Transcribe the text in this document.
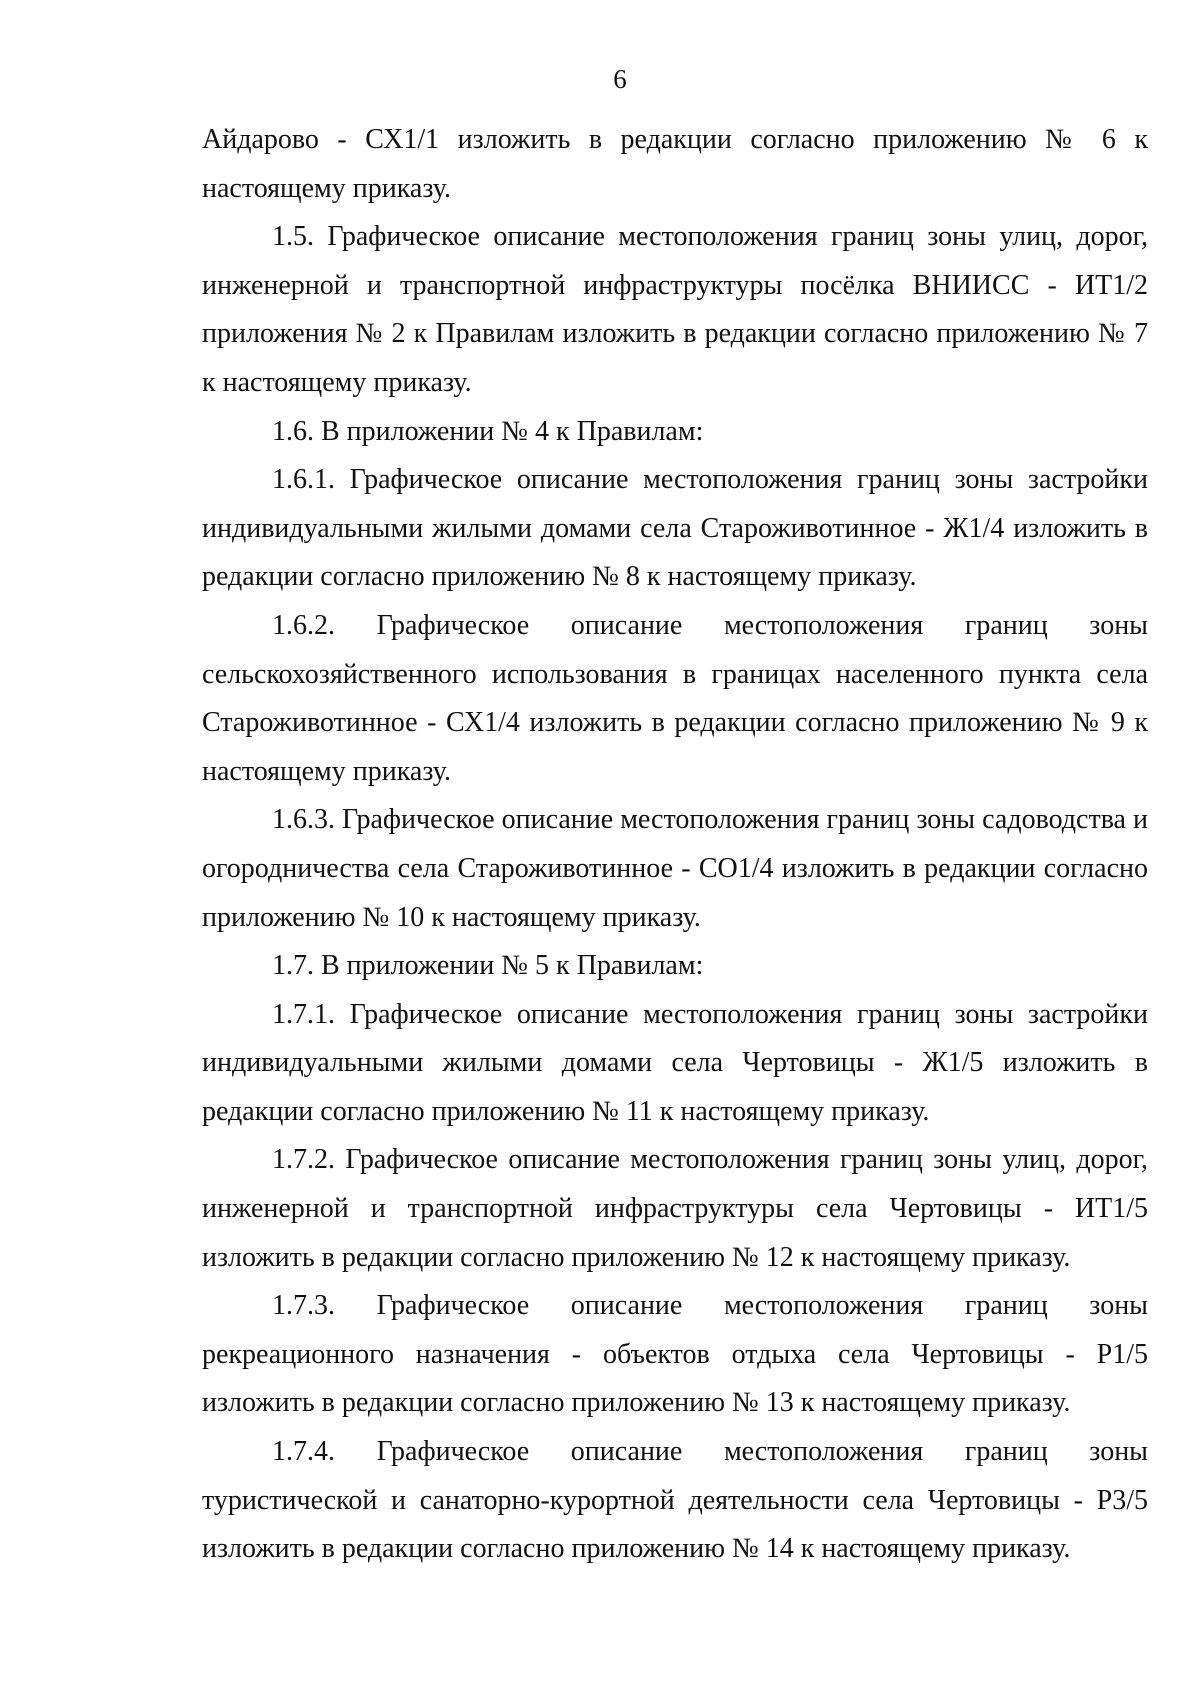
6

Айдарово - СХ1/1 изложить в редакции согласно приложению № 6 к настоящему приказу.

1.5. Графическое описание местоположения границ зоны улиц, дорог, инженерной и транспортной инфраструктуры посёлка ВНИИСС - ИТ1/2 приложения № 2 к Правилам изложить в редакции согласно приложению № 7 к настоящему приказу.

1.6. В приложении № 4 к Правилам:

1.6.1. Графическое описание местоположения границ зоны застройки индивидуальными жилыми домами села Староживотинное - Ж1/4 изложить в редакции согласно приложению № 8 к настоящему приказу.

1.6.2. Графическое описание местоположения границ зоны сельскохозяйственного использования в границах населенного пункта села Староживотинное - СХ1/4 изложить в редакции согласно приложению № 9 к настоящему приказу.

1.6.3. Графическое описание местоположения границ зоны садоводства и огородничества села Староживотинное - СО1/4 изложить в редакции согласно приложению № 10 к настоящему приказу.

1.7. В приложении № 5 к Правилам:

1.7.1. Графическое описание местоположения границ зоны застройки индивидуальными жилыми домами села Чертовицы - Ж1/5 изложить в редакции согласно приложению № 11 к настоящему приказу.

1.7.2. Графическое описание местоположения границ зоны улиц, дорог, инженерной и транспортной инфраструктуры села Чертовицы - ИТ1/5 изложить в редакции согласно приложению № 12 к настоящему приказу.

1.7.3. Графическое описание местоположения границ зоны рекреационного назначения - объектов отдыха села Чертовицы - Р1/5 изложить в редакции согласно приложению № 13 к настоящему приказу.

1.7.4. Графическое описание местоположения границ зоны туристической и санаторно-курортной деятельности села Чертовицы - Р3/5 изложить в редакции согласно приложению № 14 к настоящему приказу.
